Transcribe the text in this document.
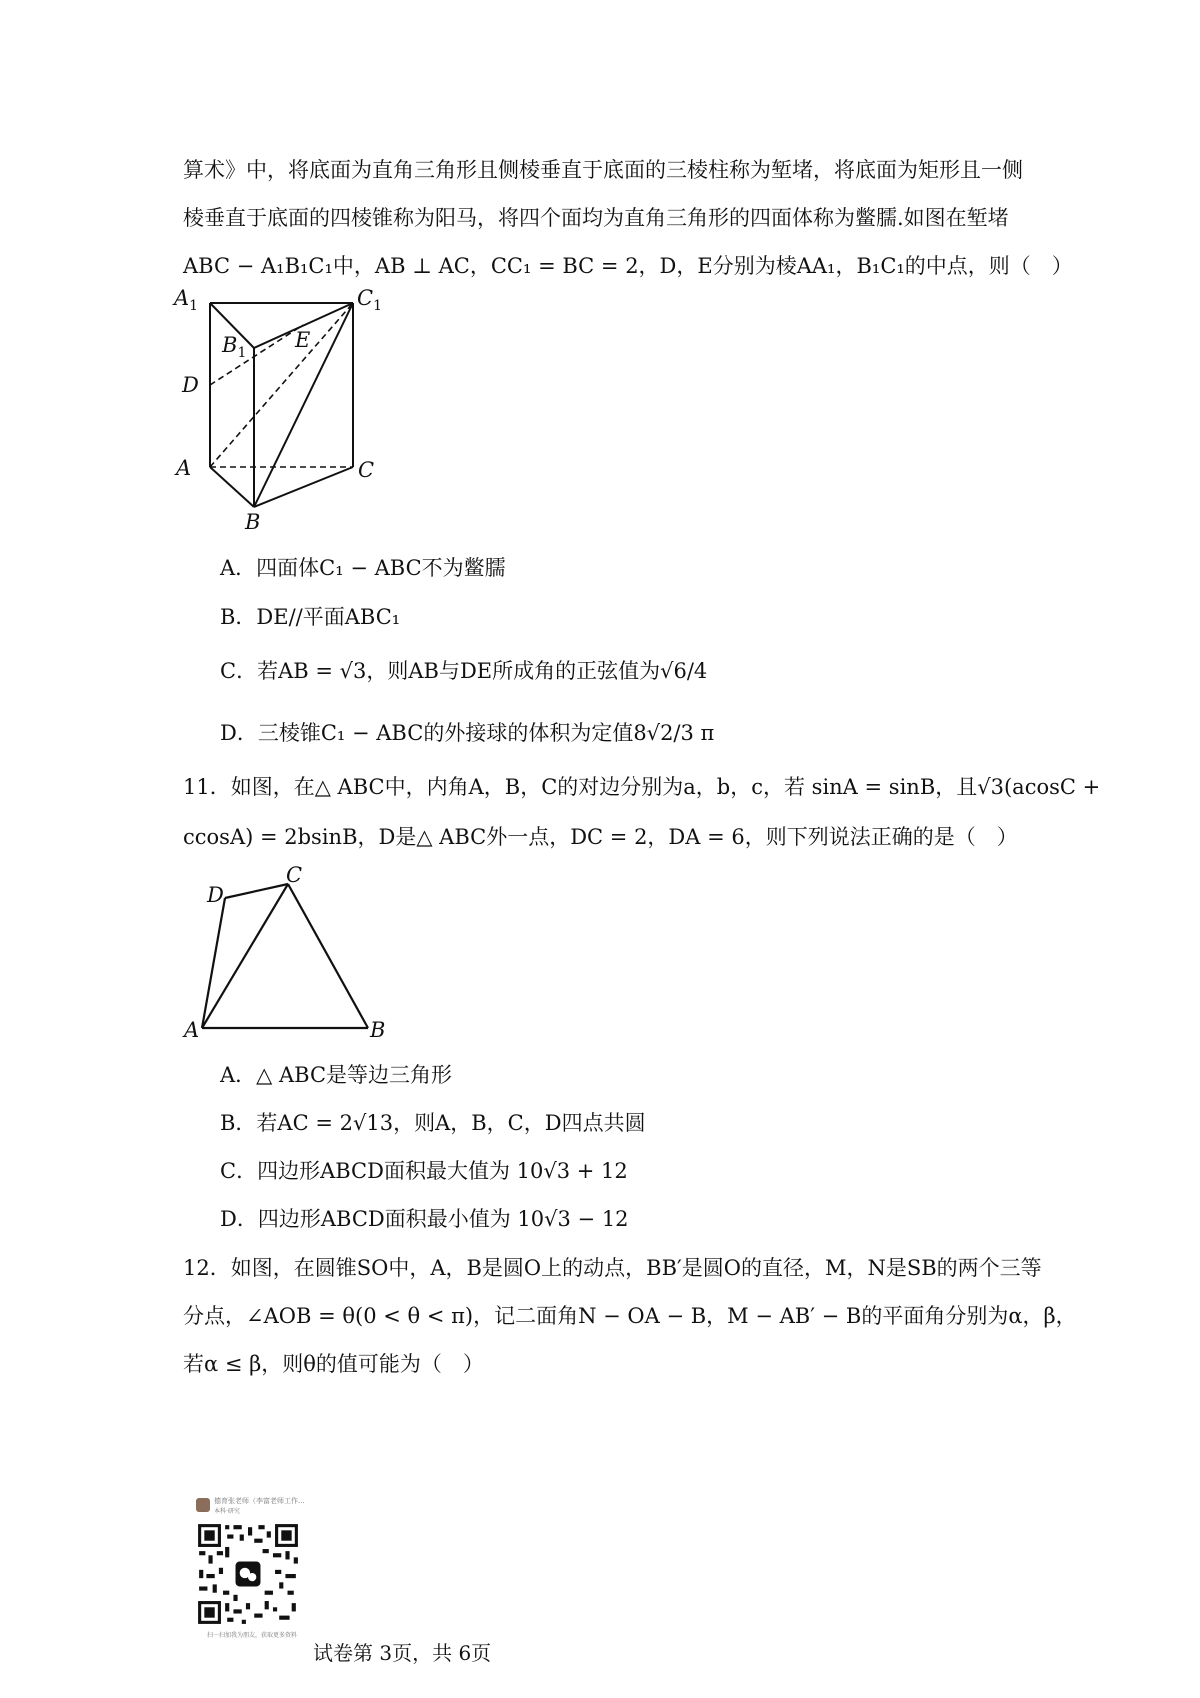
算术》中，将底面为直角三角形且侧棱垂直于底面的三棱柱称为堑堵，将底面为矩形且一侧
棱垂直于底面的四棱锥称为阳马，将四个面均为直角三角形的四面体称为鳖臑.如图在堑堵
ABC − A₁B₁C₁中，AB ⊥ AC，CC₁ = BC = 2，D，E分别为棱AA₁，B₁C₁的中点，则（　）
$A_1$
$B_1$
$C_1$
D
E
A
B
C
A．四面体C₁ − ABC不为鳖臑
B．DE//平面ABC₁
C．若AB = √3，则AB与DE所成角的正弦值为√6/4
D．三棱锥C₁ − ABC的外接球的体积为定值8√2/3 π
11．如图，在△ ABC中，内角A，B，C的对边分别为a，b，c，若 sinA = sinB，且√3(acosC +
ccosA) = 2bsinB，D是△ ABC外一点，DC = 2，DA = 6，则下列说法正确的是（　）
D
C
A	B
A．△ ABC是等边三角形
B．若AC = 2√13，则A，B，C，D四点共圆
C．四边形ABCD面积最大值为 10√3 + 12
D．四边形ABCD面积最小值为 10√3 − 12
12．如图，在圆锥SO中，A，B是圆O上的动点，BB′是圆O的直径，M，N是SB的两个三等
分点，∠AOB = θ(0 < θ < π)，记二面角N − OA − B，M − AB′ − B的平面角分别为α，β，
若α ≤ β，则θ的值可能为（　）
德育张老师（李富老师工作...
本科·研究
扫一扫加我为朋友，获取更多资料
试卷第 3页，共 6页
